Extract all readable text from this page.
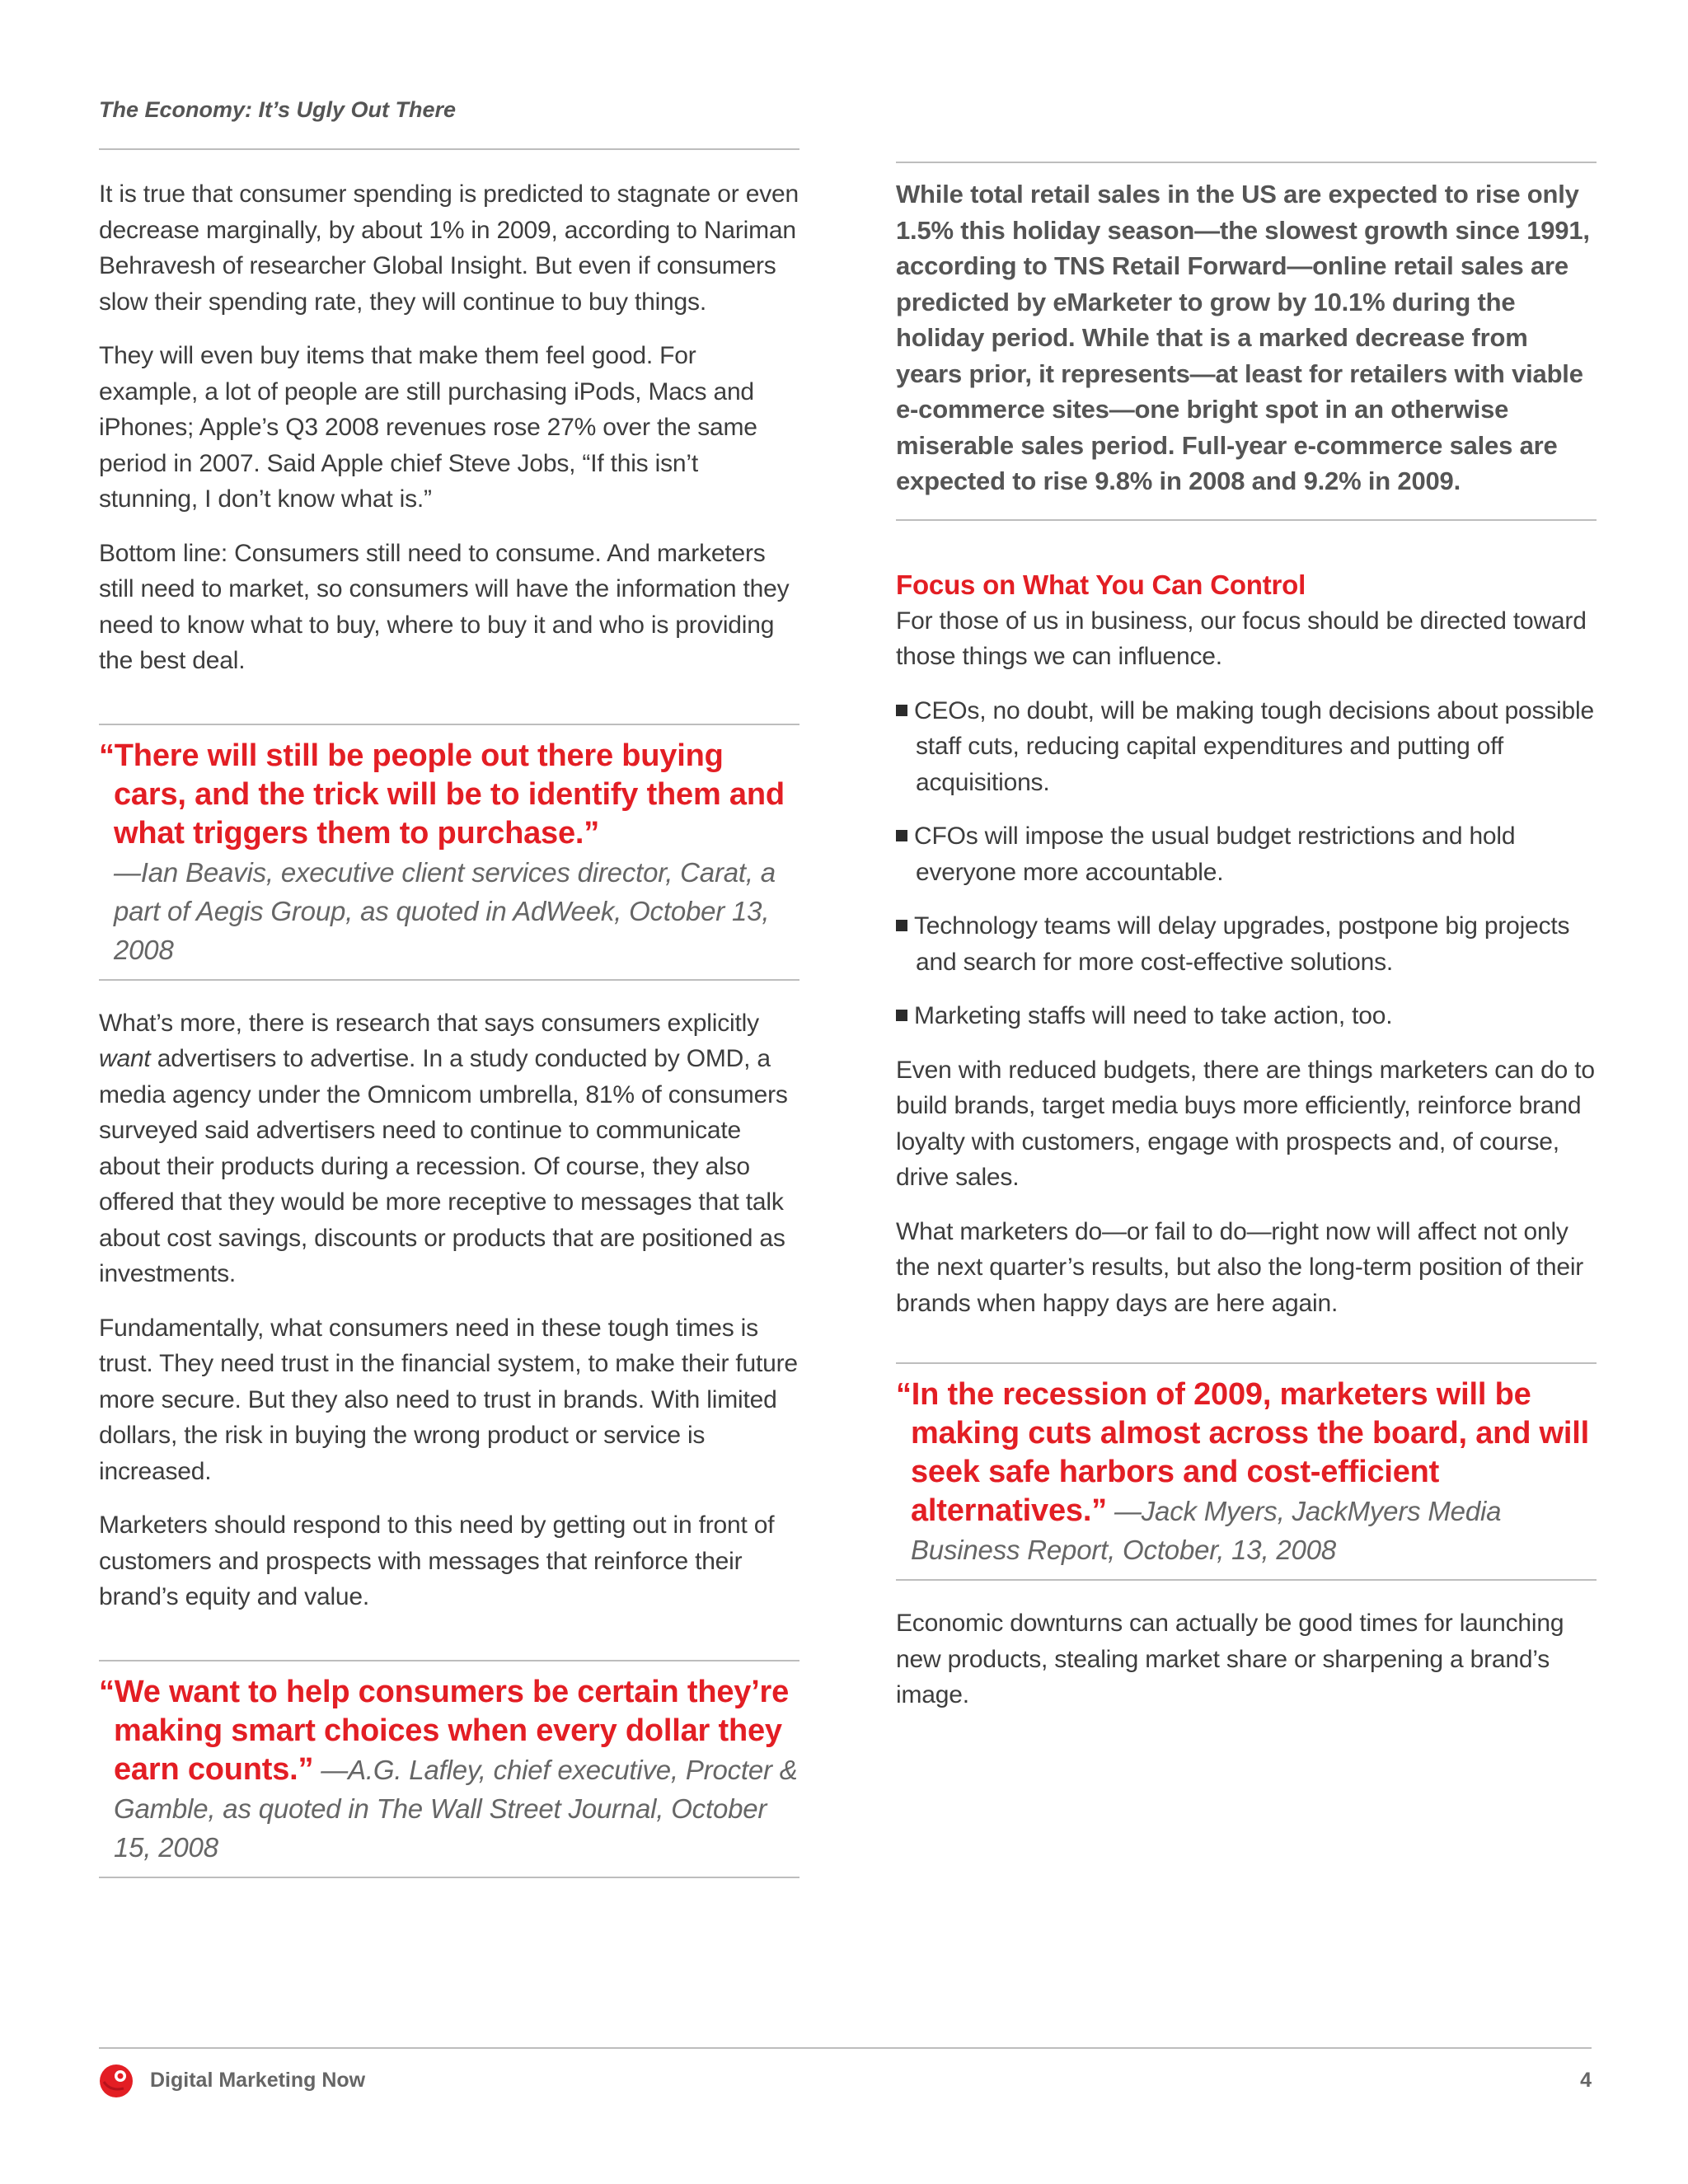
The Economy: It’s Ugly Out There

It is true that consumer spending is predicted to stagnate or even decrease marginally, by about 1% in 2009, according to Nariman Behravesh of researcher Global Insight. But even if consumers slow their spending rate, they will continue to buy things.

They will even buy items that make them feel good. For example, a lot of people are still purchasing iPods, Macs and iPhones; Apple’s Q3 2008 revenues rose 27% over the same period in 2007. Said Apple chief Steve Jobs, “If this isn’t stunning, I don’t know what is.”

Bottom line: Consumers still need to consume. And marketers still need to market, so consumers will have the information they need to know what to buy, where to buy it and who is providing the best deal.

“There will still be people out there buying cars, and the trick will be to identify them and what triggers them to purchase.”

—Ian Beavis, executive client services director, Carat, a part of Aegis Group, as quoted in AdWeek, October 13, 2008

What’s more, there is research that says consumers explicitly want advertisers to advertise. In a study conducted by OMD, a media agency under the Omnicom umbrella, 81% of consumers surveyed said advertisers need to continue to communicate about their products during a recession. Of course, they also offered that they would be more receptive to messages that talk about cost savings, discounts or products that are positioned as investments.

Fundamentally, what consumers need in these tough times is trust. They need trust in the financial system, to make their future more secure. But they also need to trust in brands. With limited dollars, the risk in buying the wrong product or service is increased.

Marketers should respond to this need by getting out in front of customers and prospects with messages that reinforce their brand’s equity and value.

“We want to help consumers be certain they’re making smart choices when every dollar they earn counts.” —A.G. Lafley, chief executive, Procter & Gamble, as quoted in The Wall Street Journal, October 15, 2008

While total retail sales in the US are expected to rise only 1.5% this holiday season—the slowest growth since 1991, according to TNS Retail Forward—online retail sales are predicted by eMarketer to grow by 10.1% during the holiday period. While that is a marked decrease from years prior, it represents—at least for retailers with viable e-commerce sites—one bright spot in an otherwise miserable sales period. Full-year e-commerce sales are expected to rise 9.8% in 2008 and 9.2% in 2009.

Focus on What You Can Control

For those of us in business, our focus should be directed toward those things we can influence.

CEOs, no doubt, will be making tough decisions about possible staff cuts, reducing capital expenditures and putting off acquisitions.

CFOs will impose the usual budget restrictions and hold everyone more accountable.

Technology teams will delay upgrades, postpone big projects and search for more cost-effective solutions.

Marketing staffs will need to take action, too.

Even with reduced budgets, there are things marketers can do to build brands, target media buys more efficiently, reinforce brand loyalty with customers, engage with prospects and, of course, drive sales.

What marketers do—or fail to do—right now will affect not only the next quarter’s results, but also the long-term position of their brands when happy days are here again.

“In the recession of 2009, marketers will be making cuts almost across the board, and will seek safe harbors and cost-efficient alternatives.” —Jack Myers, JackMyers Media Business Report, October, 13, 2008

Economic downturns can actually be good times for launching new products, stealing market share or sharpening a brand’s image.

Digital Marketing Now	4
